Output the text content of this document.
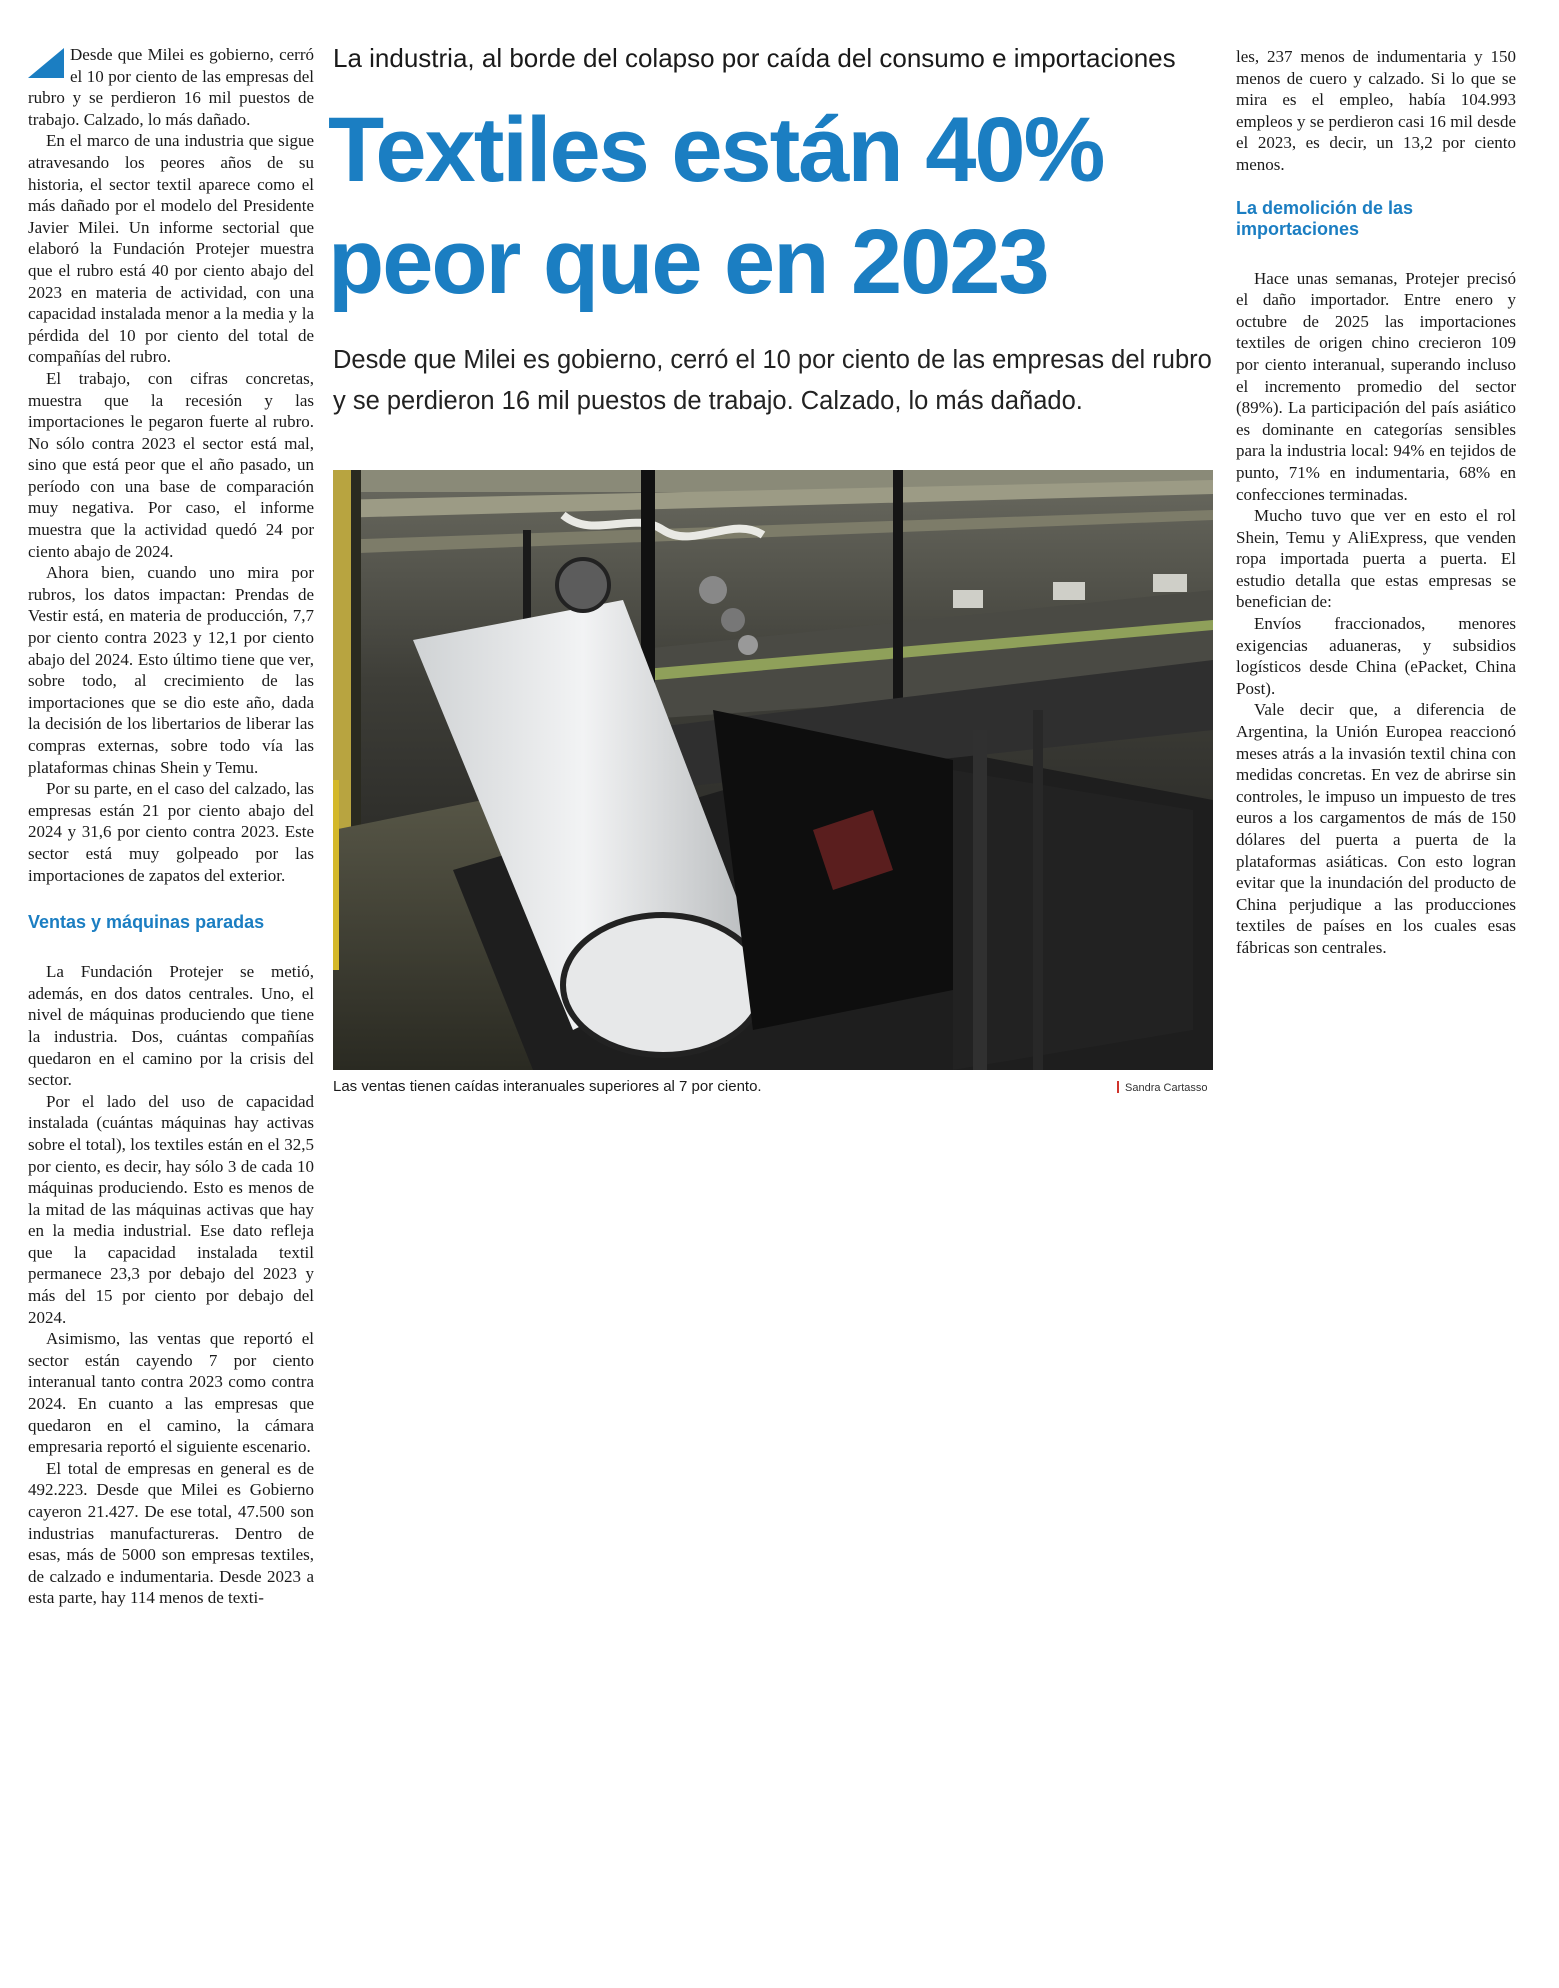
Desde que Milei es gobierno, cerró el 10 por ciento de las empresas del rubro y se perdieron 16 mil puestos de trabajo. Calzado, lo más dañado.

En el marco de una industria que sigue atravesando los peores años de su historia, el sector textil aparece como el más dañado por el modelo del Presidente Javier Milei. Un informe sectorial que elaboró la Fundación Protejer muestra que el rubro está 40 por ciento abajo del 2023 en materia de actividad, con una capacidad instalada menor a la media y la pérdida del 10 por ciento del total de compañías del rubro.

El trabajo, con cifras concretas, muestra que la recesión y las importaciones le pegaron fuerte al rubro. No sólo contra 2023 el sector está mal, sino que está peor que el año pasado, un período con una base de comparación muy negativa. Por caso, el informe muestra que la actividad quedó 24 por ciento abajo de 2024.

Ahora bien, cuando uno mira por rubros, los datos impactan: Prendas de Vestir está, en materia de producción, 7,7 por ciento contra 2023 y 12,1 por ciento abajo del 2024. Esto último tiene que ver, sobre todo, al crecimiento de las importaciones que se dio este año, dada la decisión de los libertarios de liberar las compras externas, sobre todo vía las plataformas chinas Shein y Temu.

Por su parte, en el caso del calzado, las empresas están 21 por ciento abajo del 2024 y 31,6 por ciento contra 2023. Este sector está muy golpeado por las importaciones de zapatos del exterior.

Ventas y máquinas paradas

La Fundación Protejer se metió, además, en dos datos centrales. Uno, el nivel de máquinas produciendo que tiene la industria. Dos, cuántas compañías quedaron en el camino por la crisis del sector.

Por el lado del uso de capacidad instalada (cuántas máquinas hay activas sobre el total), los textiles están en el 32,5 por ciento, es decir, hay sólo 3 de cada 10 máquinas produciendo. Esto es menos de la mitad de las máquinas activas que hay en la media industrial. Ese dato refleja que la capacidad instalada textil permanece 23,3 por debajo del 2023 y más del 15 por ciento por debajo del 2024.

Asimismo, las ventas que reportó el sector están cayendo 7 por ciento interanual tanto contra 2023 como contra 2024. En cuanto a las empresas que quedaron en el camino, la cámara empresaria reportó el siguiente escenario.

El total de empresas en general es de 492.223. Desde que Milei es Gobierno cayeron 21.427. De ese total, 47.500 son industrias manufactureras. Dentro de esas, más de 5000 son empresas textiles, de calzado e indumentaria. Desde 2023 a esta parte, hay 114 menos de texti-

La industria, al borde del colapso por caída del consumo e importaciones
Textiles están 40%
peor que en 2023
Desde que Milei es gobierno, cerró el 10 por ciento de las empresas del rubro y se perdieron 16 mil puestos de trabajo. Calzado, lo más dañado.
Las ventas tienen caídas interanuales superiores al 7 por ciento.	Sandra Cartasso

les, 237 menos de indumentaria y 150 menos de cuero y calzado. Si lo que se mira es el empleo, había 104.993 empleos y se perdieron casi 16 mil desde el 2023, es decir, un 13,2 por ciento menos.

La demolición de las importaciones

Hace unas semanas, Protejer precisó el daño importador. Entre enero y octubre de 2025 las importaciones textiles de origen chino crecieron 109 por ciento interanual, superando incluso el incremento promedio del sector (89%). La participación del país asiático es dominante en categorías sensibles para la industria local: 94% en tejidos de punto, 71% en indumentaria, 68% en confecciones terminadas.

Mucho tuvo que ver en esto el rol Shein, Temu y AliExpress, que venden ropa importada puerta a puerta. El estudio detalla que estas empresas se benefician de:

Envíos fraccionados, menores exigencias aduaneras, y subsidios logísticos desde China (ePacket, China Post).

Vale decir que, a diferencia de Argentina, la Unión Europea reaccionó meses atrás a la invasión textil china con medidas concretas. En vez de abrirse sin controles, le impuso un impuesto de tres euros a los cargamentos de más de 150 dólares del puerta a puerta de la plataformas asiáticas. Con esto logran evitar que la inundación del producto de China perjudique a las producciones textiles de países en los cuales esas fábricas son centrales.
